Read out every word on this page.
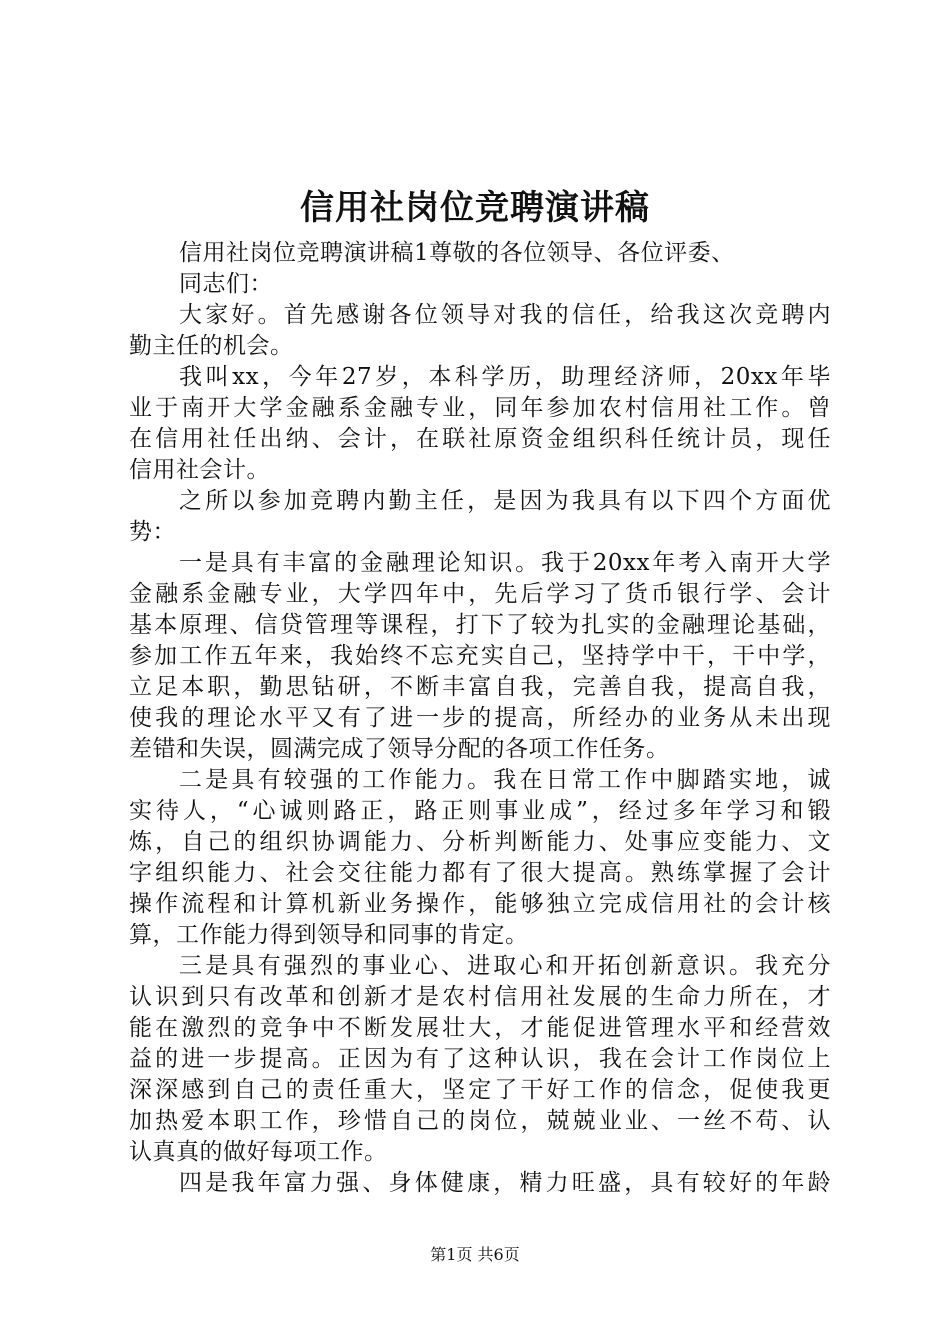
信用社岗位竞聘演讲稿
信用社岗位竞聘演讲稿1尊敬的各位领导、各位评委、
同志们：
大家好。首先感谢各位领导对我的信任，给我这次竞聘内
勤主任的机会。
我叫xx，今年27岁，本科学历，助理经济师，20xx年毕
业于南开大学金融系金融专业，同年参加农村信用社工作。曾
在信用社任出纳、会计，在联社原资金组织科任统计员，现任
信用社会计。
之所以参加竞聘内勤主任，是因为我具有以下四个方面优
势：
一是具有丰富的金融理论知识。我于20xx年考入南开大学
金融系金融专业，大学四年中，先后学习了货币银行学、会计
基本原理、信贷管理等课程，打下了较为扎实的金融理论基础，
参加工作五年来，我始终不忘充实自己，坚持学中干，干中学，
立足本职，勤思钻研，不断丰富自我，完善自我，提高自我，
使我的理论水平又有了进一步的提高，所经办的业务从未出现
差错和失误，圆满完成了领导分配的各项工作任务。
二是具有较强的工作能力。我在日常工作中脚踏实地，诚
实待人，“心诚则路正，路正则事业成”，经过多年学习和锻
炼，自己的组织协调能力、分析判断能力、处事应变能力、文
字组织能力、社会交往能力都有了很大提高。熟练掌握了会计
操作流程和计算机新业务操作，能够独立完成信用社的会计核
算，工作能力得到领导和同事的肯定。
三是具有强烈的事业心、进取心和开拓创新意识。我充分
认识到只有改革和创新才是农村信用社发展的生命力所在，才
能在激烈的竞争中不断发展壮大，才能促进管理水平和经营效
益的进一步提高。正因为有了这种认识，我在会计工作岗位上
深深感到自己的责任重大，坚定了干好工作的信念，促使我更
加热爱本职工作，珍惜自己的岗位，兢兢业业、一丝不苟、认
认真真的做好每项工作。
四是我年富力强、身体健康，精力旺盛，具有较好的年龄
第1页 共6页
